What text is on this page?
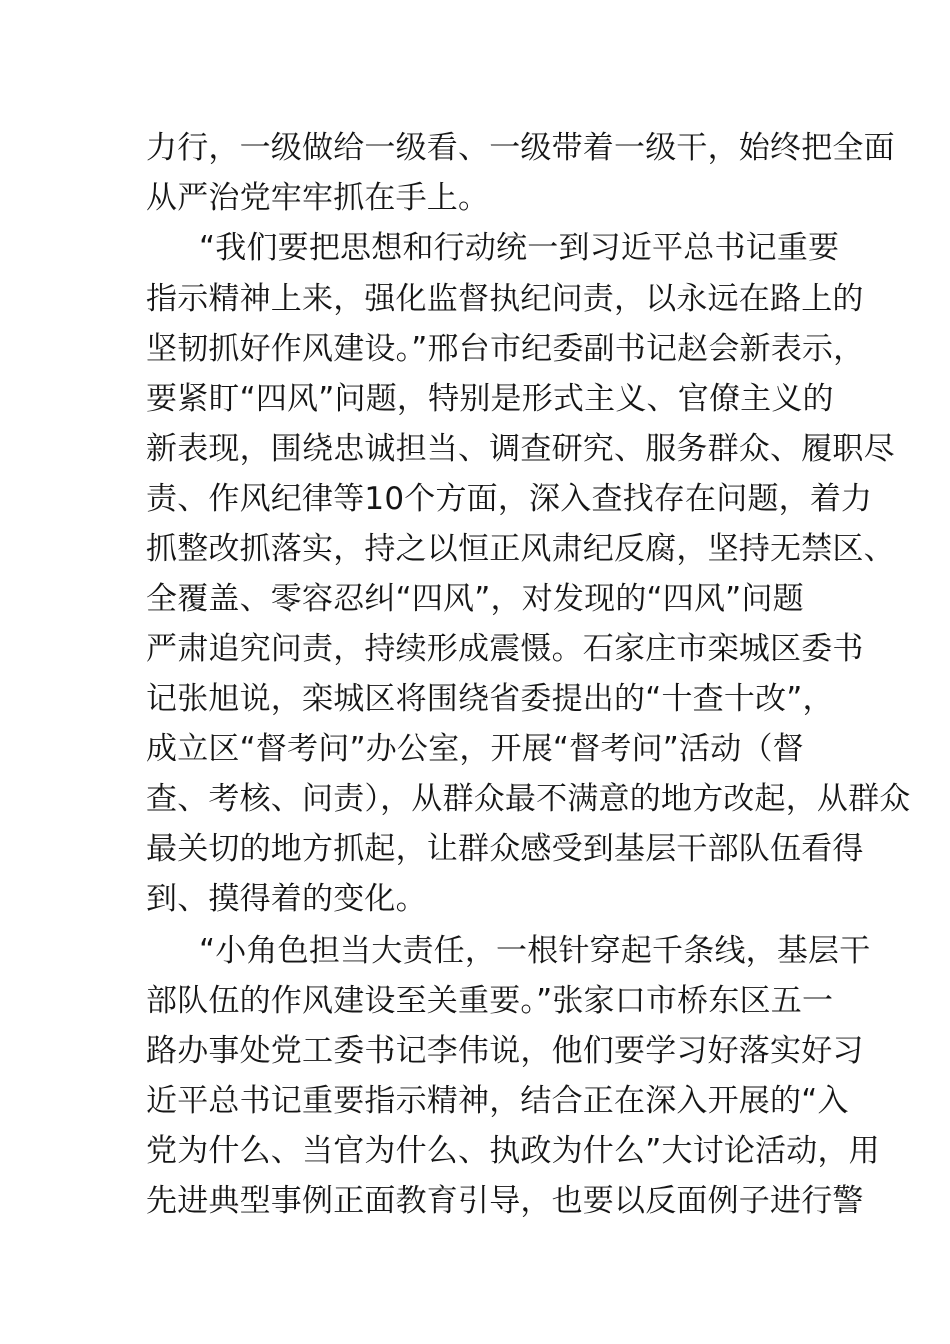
力行，一级做给一级看、一级带着一级干，始终把全面
从严治党牢牢抓在手上。
“我们要把思想和行动统一到习近平总书记重要
指示精神上来，强化监督执纪问责，以永远在路上的
坚韧抓好作风建设。”邢台市纪委副书记赵会新表示，
要紧盯“四风”问题，特别是形式主义、官僚主义的
新表现，围绕忠诚担当、调查研究、服务群众、履职尽
责、作风纪律等10个方面，深入查找存在问题，着力
抓整改抓落实，持之以恒正风肃纪反腐，坚持无禁区、
全覆盖、零容忍纠“四风”，对发现的“四风”问题
严肃追究问责，持续形成震慑。石家庄市栾城区委书
记张旭说，栾城区将围绕省委提出的“十查十改”，
成立区“督考问”办公室，开展“督考问”活动（督
查、考核、问责），从群众最不满意的地方改起，从群众
最关切的地方抓起，让群众感受到基层干部队伍看得
到、摸得着的变化。
“小角色担当大责任，一根针穿起千条线，基层干
部队伍的作风建设至关重要。”张家口市桥东区五一
路办事处党工委书记李伟说，他们要学习好落实好习
近平总书记重要指示精神，结合正在深入开展的“入
党为什么、当官为什么、执政为什么”大讨论活动，用
先进典型事例正面教育引导，也要以反面例子进行警
